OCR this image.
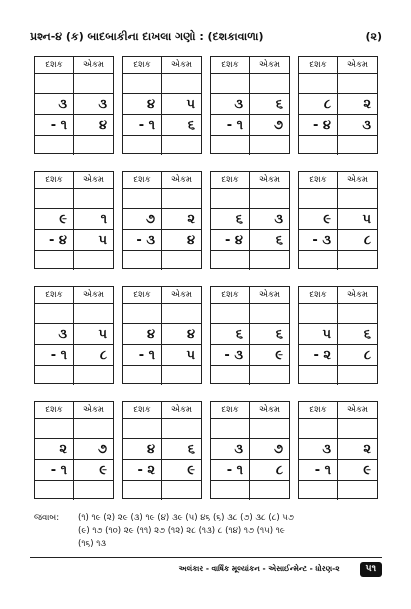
પ્રશ્ન-૪ (ક) બાદબાકીના દાખલા ગણો : (દશકાવાળા)	(૨)
દશક	એકમ
૩	૩
- ૧	૪
દશક	એકમ
૪	૫
- ૧	૬
દશક	એકમ
૩	૬
- ૧	૭
દશક	એકમ
૮	૨
- ૪	૩
દશક	એકમ
૯	૧
- ૪	૫
દશક	એકમ
૭	૨
- ૩	૪
દશક	એકમ
૬	૩
- ૪	૬
દશક	એકમ
૯	૫
- ૩	૮
દશક	એકમ
૩	૫
- ૧	૮
દશક	એકમ
૪	૪
- ૧	૫
દશક	એકમ
૬	૬
- ૩	૯
દશક	એકમ
૫	૬
- ૨	૮
દશક	એકમ
૨	૭
- ૧	૯
દશક	એકમ
૪	૬
- ૨	૯
દશક	એકમ
૩	૭
- ૧	૮
દશક	એકમ
૩	૨
- ૧	૯
જવાબ:	(૧) ૧૯ (૨) ૨૯ (૩) ૧૯ (૪) ૩૯ (૫) ૪૬ (૬) ૩૮ (૭) ૩૮ (૮) ૫૭
(૯) ૧૭ (૧૦) ૨૯ (૧૧) ૨૭ (૧૨) ૨૮ (૧૩) ૮ (૧૪) ૧૭ (૧૫) ૧૯
(૧૬) ૧૩
અલંકાર - વાર્ષિક મૂલ્યાંકન - એસાઈન્મેન્ટ - ધોરણ-૨	૫૧
